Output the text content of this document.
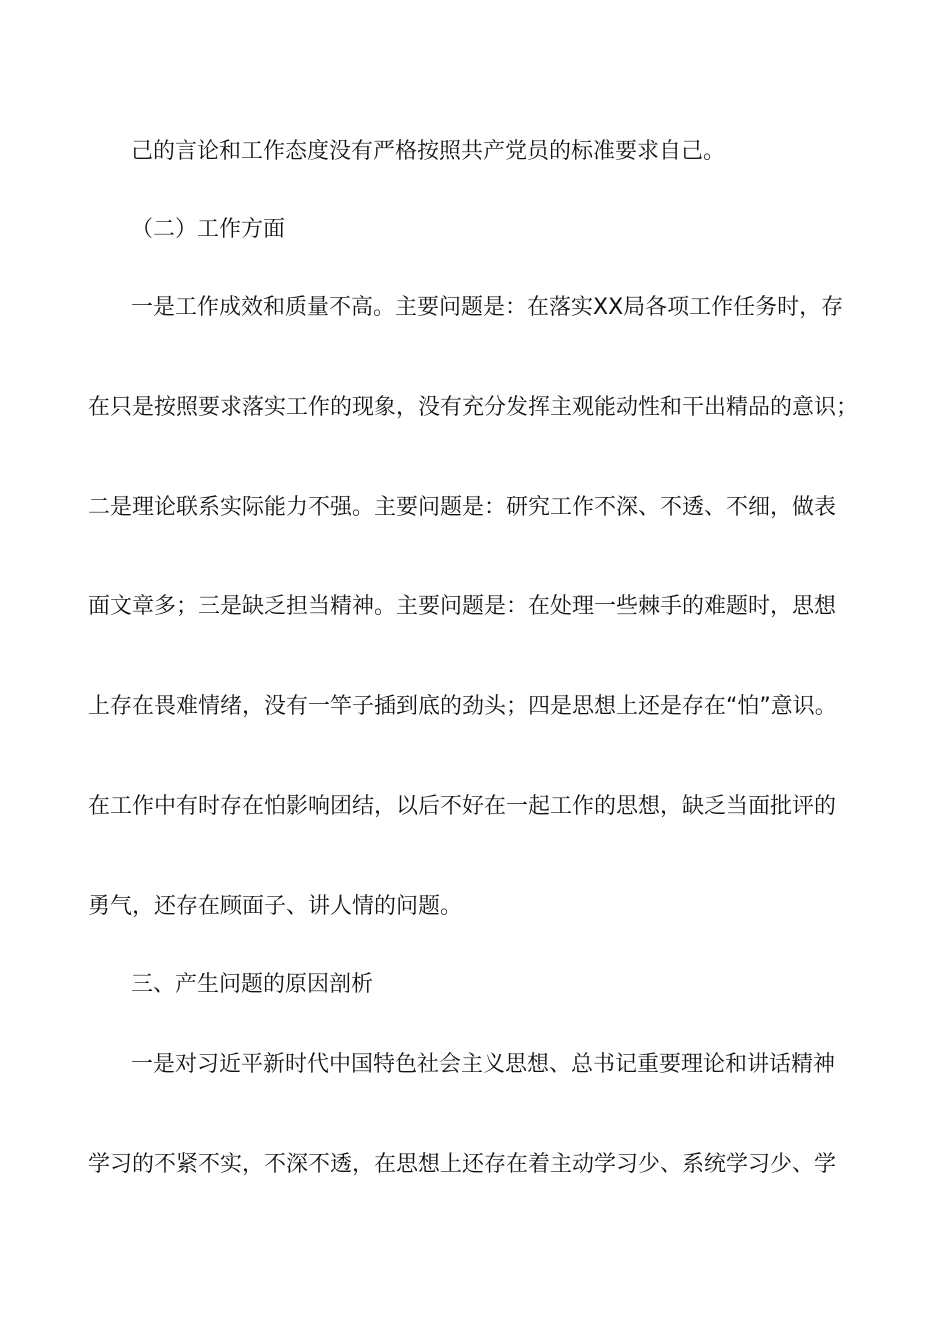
己的言论和工作态度没有严格按照共产党员的标准要求自己。
（二）工作方面
一是工作成效和质量不高。主要问题是：在落实XX局各项工作任务时，存
在只是按照要求落实工作的现象，没有充分发挥主观能动性和干出精品的意识；
二是理论联系实际能力不强。主要问题是：研究工作不深、不透、不细，做表
面文章多；三是缺乏担当精神。主要问题是：在处理一些棘手的难题时，思想
上存在畏难情绪，没有一竿子插到底的劲头；四是思想上还是存在“怕”意识。
在工作中有时存在怕影响团结，以后不好在一起工作的思想，缺乏当面批评的
勇气，还存在顾面子、讲人情的问题。
三、产生问题的原因剖析
一是对习近平新时代中国特色社会主义思想、总书记重要理论和讲话精神
学习的不紧不实，不深不透，在思想上还存在着主动学习少、系统学习少、学
